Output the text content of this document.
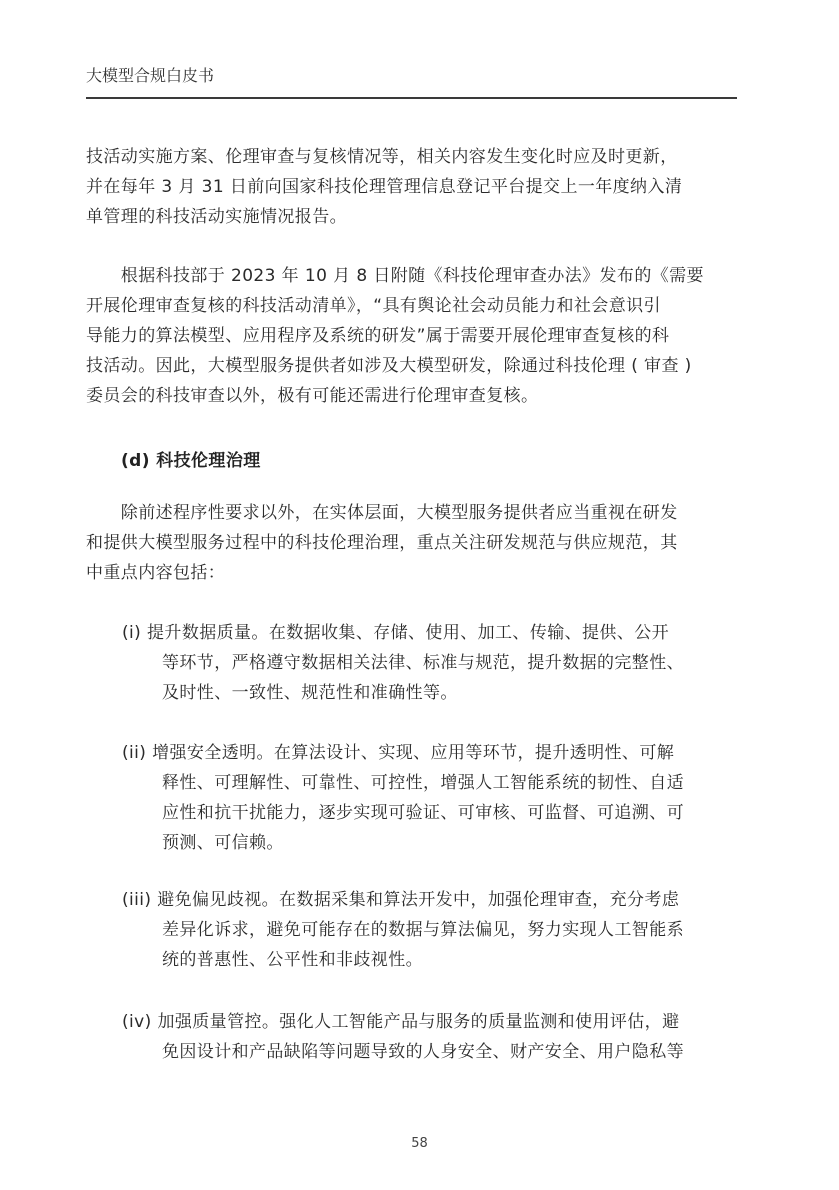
大模型合规白皮书

技活动实施方案、伦理审查与复核情况等，相关内容发生变化时应及时更新，
并在每年 3 月 31 日前向国家科技伦理管理信息登记平台提交上一年度纳入清
单管理的科技活动实施情况报告。

　　根据科技部于 2023 年 10 月 8 日附随《科技伦理审查办法》发布的《需要
开展伦理审查复核的科技活动清单》，“具有舆论社会动员能力和社会意识引
导能力的算法模型、应用程序及系统的研发”属于需要开展伦理审查复核的科
技活动。因此，大模型服务提供者如涉及大模型研发，除通过科技伦理 ( 审查 )
委员会的科技审查以外，极有可能还需进行伦理审查复核。

(d) 科技伦理治理

　　除前述程序性要求以外，在实体层面，大模型服务提供者应当重视在研发
和提供大模型服务过程中的科技伦理治理，重点关注研发规范与供应规范，其
中重点内容包括：

(i) 提升数据质量。在数据收集、存储、使用、加工、传输、提供、公开
等环节，严格遵守数据相关法律、标准与规范，提升数据的完整性、
及时性、一致性、规范性和准确性等。
(ii) 增强安全透明。在算法设计、实现、应用等环节，提升透明性、可解
释性、可理解性、可靠性、可控性，增强人工智能系统的韧性、自适
应性和抗干扰能力，逐步实现可验证、可审核、可监督、可追溯、可
预测、可信赖。
(iii) 避免偏见歧视。在数据采集和算法开发中，加强伦理审查，充分考虑
差异化诉求，避免可能存在的数据与算法偏见，努力实现人工智能系
统的普惠性、公平性和非歧视性。
(iv) 加强质量管控。强化人工智能产品与服务的质量监测和使用评估，避
免因设计和产品缺陷等问题导致的人身安全、财产安全、用户隐私等
58
